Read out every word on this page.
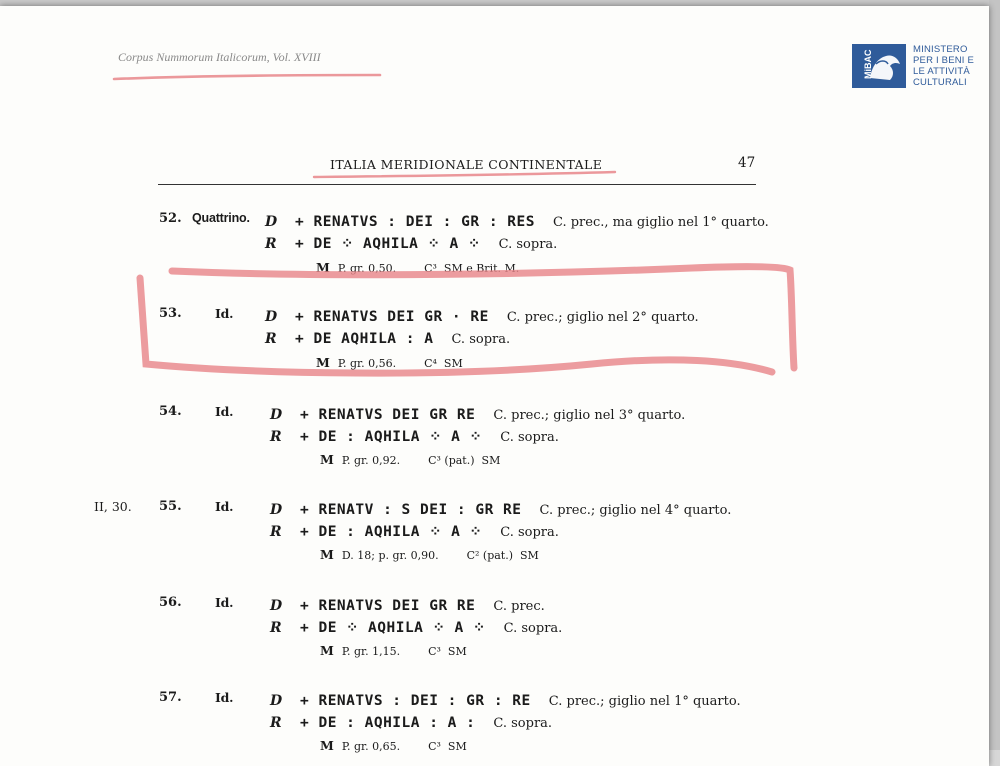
Corpus Nummorum Italicorum, Vol. XVIII	MiBAC	MINISTERO
PER I BENI E
LE ATTIVITÀ
CULTURALI
ITALIA MERIDIONALE CONTINENTALE	47
52. Quattrino. D + RENATVS : DEI : GR : RES C. prec., ma giglio nel 1° quarto.
R + DE ⁘ AQHILA ⁘ A ⁘ C. sopra.
M P. gr. 0,50.	C³ SM e Brit. M.
53.	Id. D + RENATVS DEI GR · RE C. prec.; giglio nel 2° quarto.
R + DE AQHILA : A C. sopra.
M P. gr. 0,56.	C⁴ SM
54.	Id.	D + RENATVS DEI GR RE C. prec.; giglio nel 3° quarto.
R + DE : AQHILA ⁘ A ⁘ C. sopra.
M P. gr. 0,92.	C³ (pat.) SM
II, 30. 55.	Id.	D + RENATV : S DEI : GR RE C. prec.; giglio nel 4° quarto.
R + DE : AQHILA ⁘ A ⁘ C. sopra.
M D. 18; p. gr. 0,90.	C² (pat.) SM
56.	Id.	D + RENATVS DEI GR RE C. prec.
R + DE ⁘ AQHILA ⁘ A ⁘ C. sopra.
M P. gr. 1,15.	C³ SM
57.	Id.	D + RENATVS : DEI : GR : RE C. prec.; giglio nel 1° quarto.
R + DE : AQHILA : A : C. sopra.
M P. gr. 0,65.	C³ SM
